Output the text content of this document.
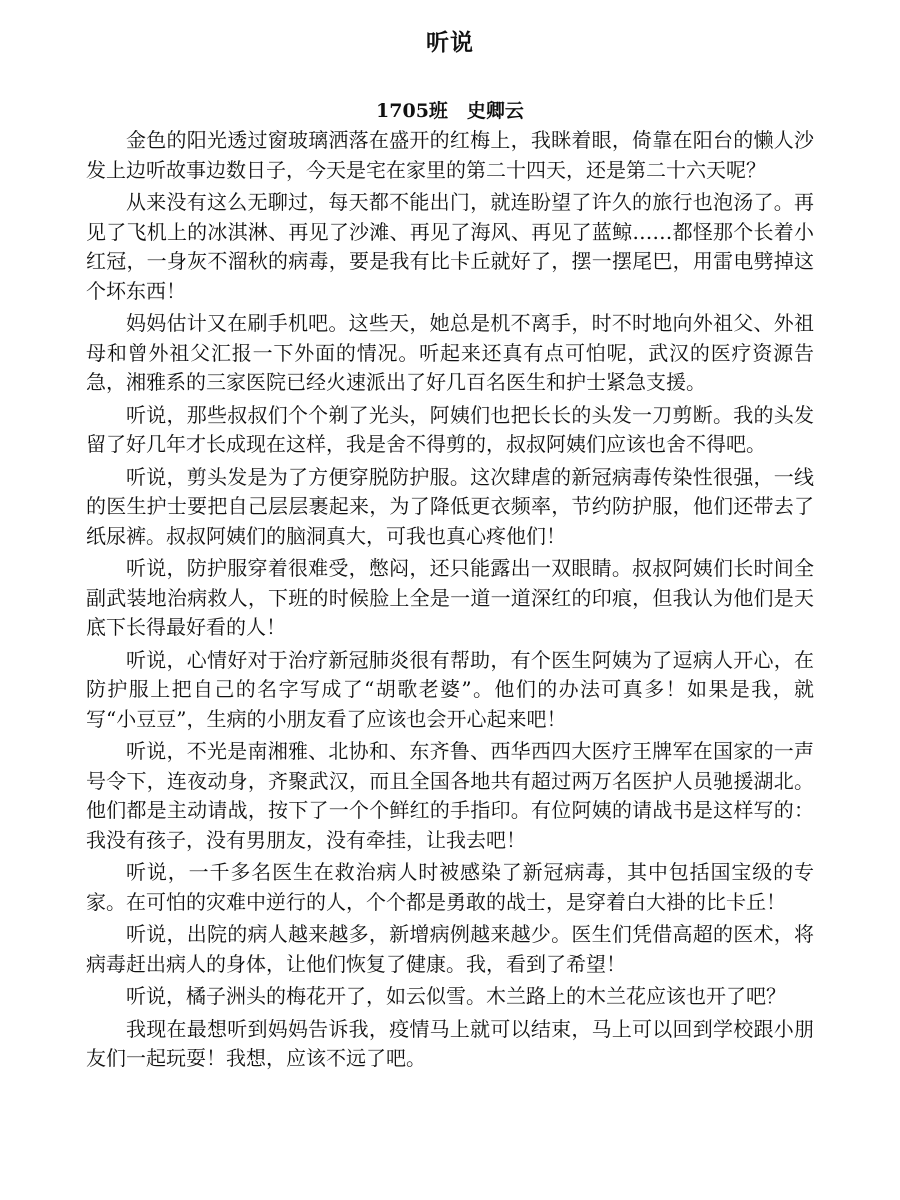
听说
1705班　史卿云

金色的阳光透过窗玻璃洒落在盛开的红梅上，我眯着眼，倚靠在阳台的懒人沙发上边听故事边数日子，今天是宅在家里的第二十四天，还是第二十六天呢？

从来没有这么无聊过，每天都不能出门，就连盼望了许久的旅行也泡汤了。再见了飞机上的冰淇淋、再见了沙滩、再见了海风、再见了蓝鲸……都怪那个长着小红冠，一身灰不溜秋的病毒，要是我有比卡丘就好了，摆一摆尾巴，用雷电劈掉这个坏东西！

妈妈估计又在刷手机吧。这些天，她总是机不离手，时不时地向外祖父、外祖母和曾外祖父汇报一下外面的情况。听起来还真有点可怕呢，武汉的医疗资源告急，湘雅系的三家医院已经火速派出了好几百名医生和护士紧急支援。

听说，那些叔叔们个个剃了光头，阿姨们也把长长的头发一刀剪断。我的头发留了好几年才长成现在这样，我是舍不得剪的，叔叔阿姨们应该也舍不得吧。

听说，剪头发是为了方便穿脱防护服。这次肆虐的新冠病毒传染性很强，一线的医生护士要把自己层层裹起来，为了降低更衣频率，节约防护服，他们还带去了纸尿裤。叔叔阿姨们的脑洞真大，可我也真心疼他们！

听说，防护服穿着很难受，憋闷，还只能露出一双眼睛。叔叔阿姨们长时间全副武装地治病救人，下班的时候脸上全是一道一道深红的印痕，但我认为他们是天底下长得最好看的人！

听说，心情好对于治疗新冠肺炎很有帮助，有个医生阿姨为了逗病人开心，在防护服上把自己的名字写成了“胡歌老婆”。他们的办法可真多！如果是我，就写“小豆豆”，生病的小朋友看了应该也会开心起来吧！

听说，不光是南湘雅、北协和、东齐鲁、西华西四大医疗王牌军在国家的一声号令下，连夜动身，齐聚武汉，而且全国各地共有超过两万名医护人员驰援湖北。他们都是主动请战，按下了一个个鲜红的手指印。有位阿姨的请战书是这样写的：我没有孩子，没有男朋友，没有牵挂，让我去吧！

听说，一千多名医生在救治病人时被感染了新冠病毒，其中包括国宝级的专家。在可怕的灾难中逆行的人，个个都是勇敢的战士，是穿着白大褂的比卡丘！

听说，出院的病人越来越多，新增病例越来越少。医生们凭借高超的医术，将病毒赶出病人的身体，让他们恢复了健康。我，看到了希望！

听说，橘子洲头的梅花开了，如云似雪。木兰路上的木兰花应该也开了吧？

我现在最想听到妈妈告诉我，疫情马上就可以结束，马上可以回到学校跟小朋友们一起玩耍！我想，应该不远了吧。
